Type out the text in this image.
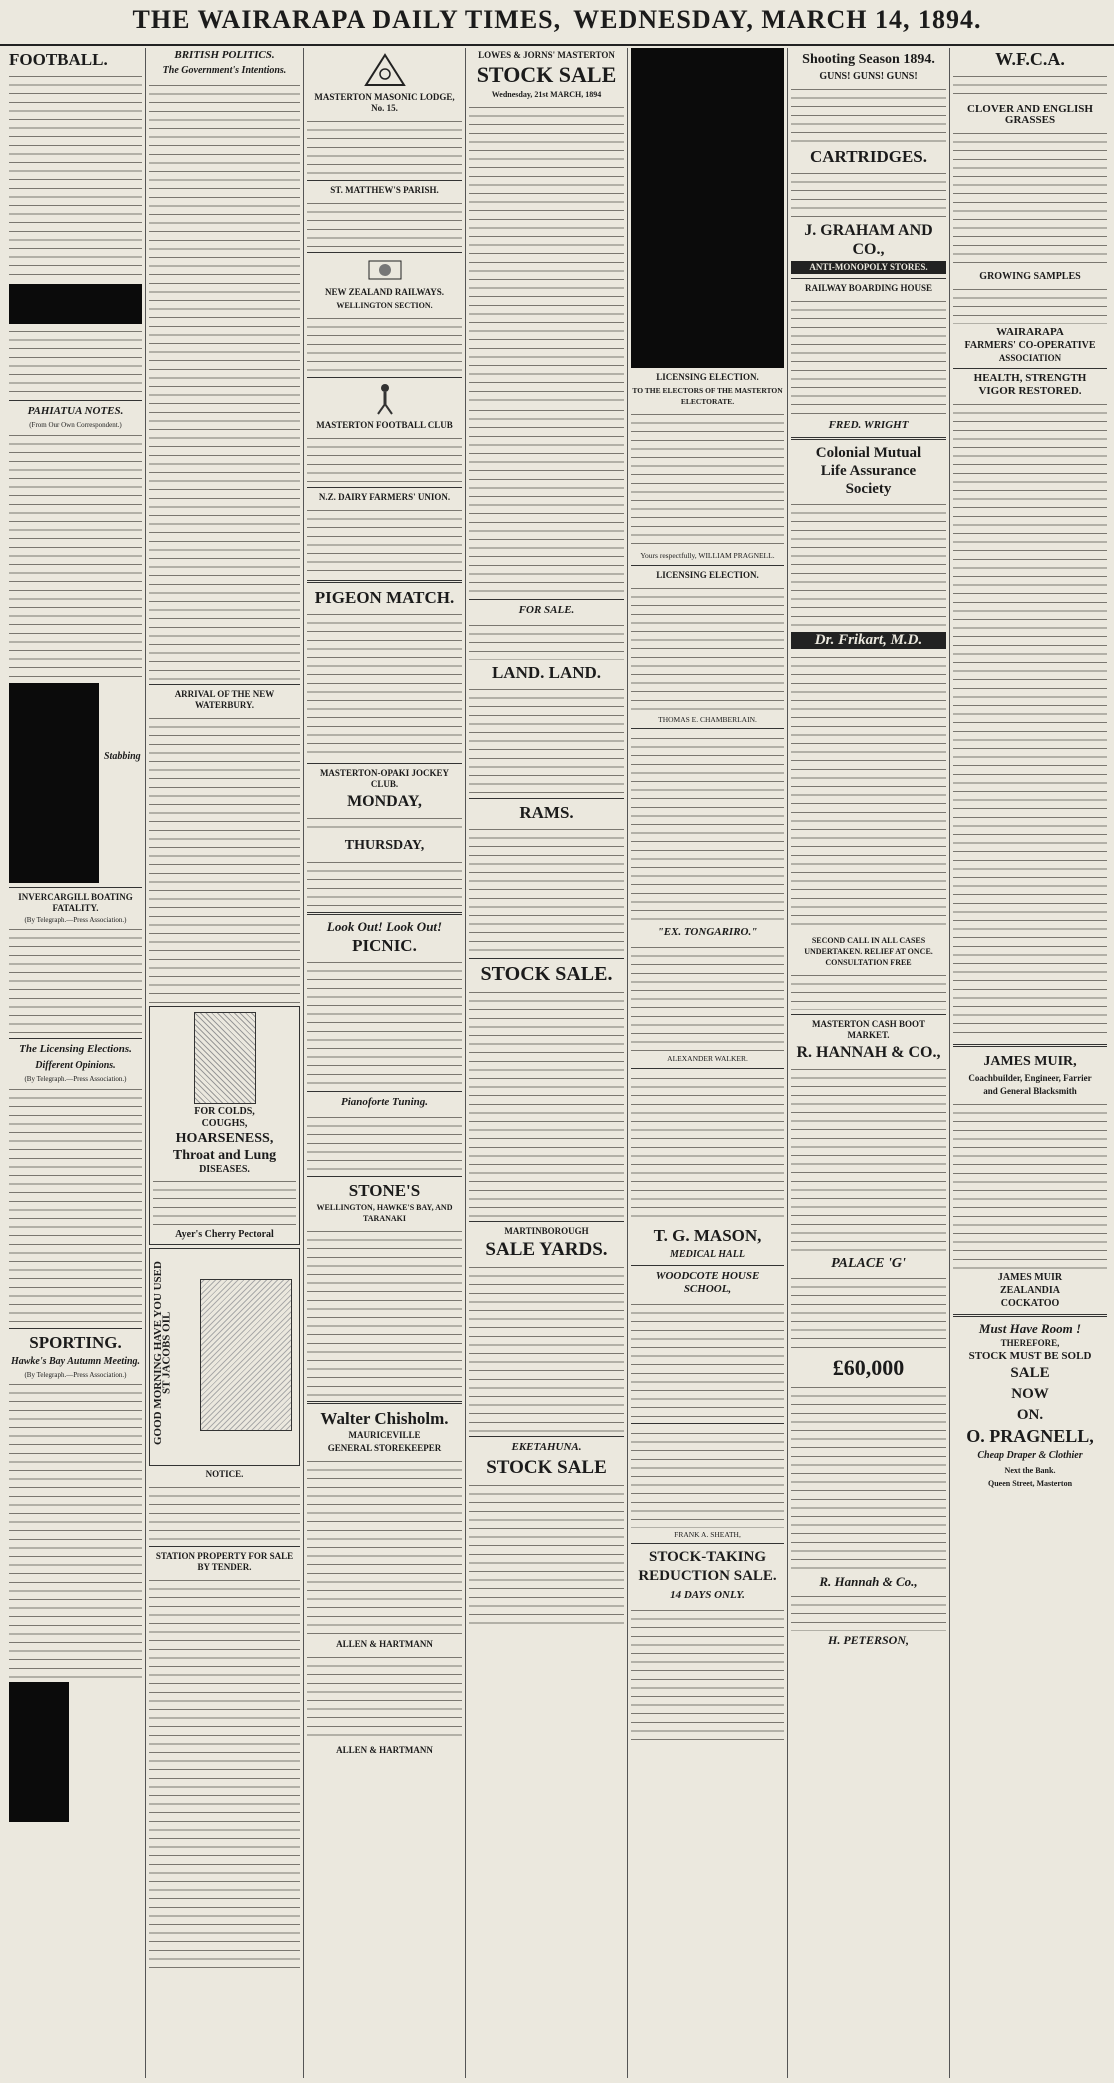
THE WAIRARAPA DAILY TIMES, WEDNESDAY, MARCH 14, 1894.
FOOTBALL.
PAHIATUA NOTES.
(From Our Own Correspondent.)
Stabbing
INVERCARGILL BOATING FATALITY.
(By Telegraph.—Press Association.)
The Licensing Elections.
Different Opinions.
(By Telegraph.—Press Association.)
SPORTING.
Hawke's Bay Autumn Meeting.
(By Telegraph.—Press Association.)
BRITISH POLITICS.
The Government's Intentions.
ARRIVAL OF THE NEW WATERBURY.
FOR COLDS,
COUGHS,
HOARSENESS,
Throat and Lung
DISEASES.
Ayer's Cherry Pectoral
GOOD MORNING HAVE YOU USED ST JACOBS OIL
NOTICE.
STATION PROPERTY FOR SALE BY TENDER.
MASTERTON MASONIC LODGE, No. 15.
ST. MATTHEW'S PARISH.
NEW ZEALAND RAILWAYS.
WELLINGTON SECTION.
MASTERTON FOOTBALL CLUB
N.Z. DAIRY FARMERS' UNION.
PIGEON MATCH.
MASTERTON-OPAKI JOCKEY CLUB.
MONDAY,
THURSDAY,
Look Out! Look Out!
PICNIC.
Pianoforte Tuning.
STONE'S
WELLINGTON, HAWKE'S BAY, AND TARANAKI
Walter Chisholm.
MAURICEVILLE
GENERAL STOREKEEPER
ALLEN & HARTMANN
ALLEN & HARTMANN
LOWES & JORNS' MASTERTON
STOCK SALE
Wednesday, 21st MARCH, 1894
FOR SALE.
LAND. LAND.
RAMS.
STOCK SALE.
MARTINBOROUGH
SALE YARDS.
EKETAHUNA.
STOCK SALE
LICENSING ELECTION.
TO THE ELECTORS OF THE MASTERTON ELECTORATE.
Yours respectfully, WILLIAM PRAGNELL.
LICENSING ELECTION.
THOMAS E. CHAMBERLAIN.
"EX. TONGARIRO."
ALEXANDER WALKER.
T. G. MASON,
MEDICAL HALL
WOODCOTE HOUSE SCHOOL,
FRANK A. SHEATH,
STOCK-TAKING REDUCTION SALE.
14 DAYS ONLY.
Shooting Season 1894.
GUNS! GUNS! GUNS!
CARTRIDGES.
J. GRAHAM AND CO.,
ANTI-MONOPOLY STORES.
RAILWAY BOARDING HOUSE
FRED. WRIGHT
Colonial Mutual
Life Assurance
Society
Dr. Frikart, M.D.
SECOND CALL IN ALL CASES UNDERTAKEN. RELIEF AT ONCE. CONSULTATION FREE
MASTERTON CASH BOOT MARKET.
R. HANNAH & CO.,
PALACE 'G'
£60,000
R. Hannah & Co.,
H. PETERSON,
W.F.C.A.
CLOVER AND ENGLISH GRASSES
GROWING SAMPLES
WAIRARAPA
FARMERS' CO-OPERATIVE
ASSOCIATION
HEALTH, STRENGTH
VIGOR RESTORED.
JAMES MUIR,
Coachbuilder, Engineer, Farrier
and General Blacksmith
JAMES MUIR
ZEALANDIA
COCKATOO
Must Have Room !
THEREFORE,
STOCK MUST BE SOLD
SALE
NOW
ON.
O. PRAGNELL,
Cheap Draper & Clothier
Next the Bank.
Queen Street, Masterton
